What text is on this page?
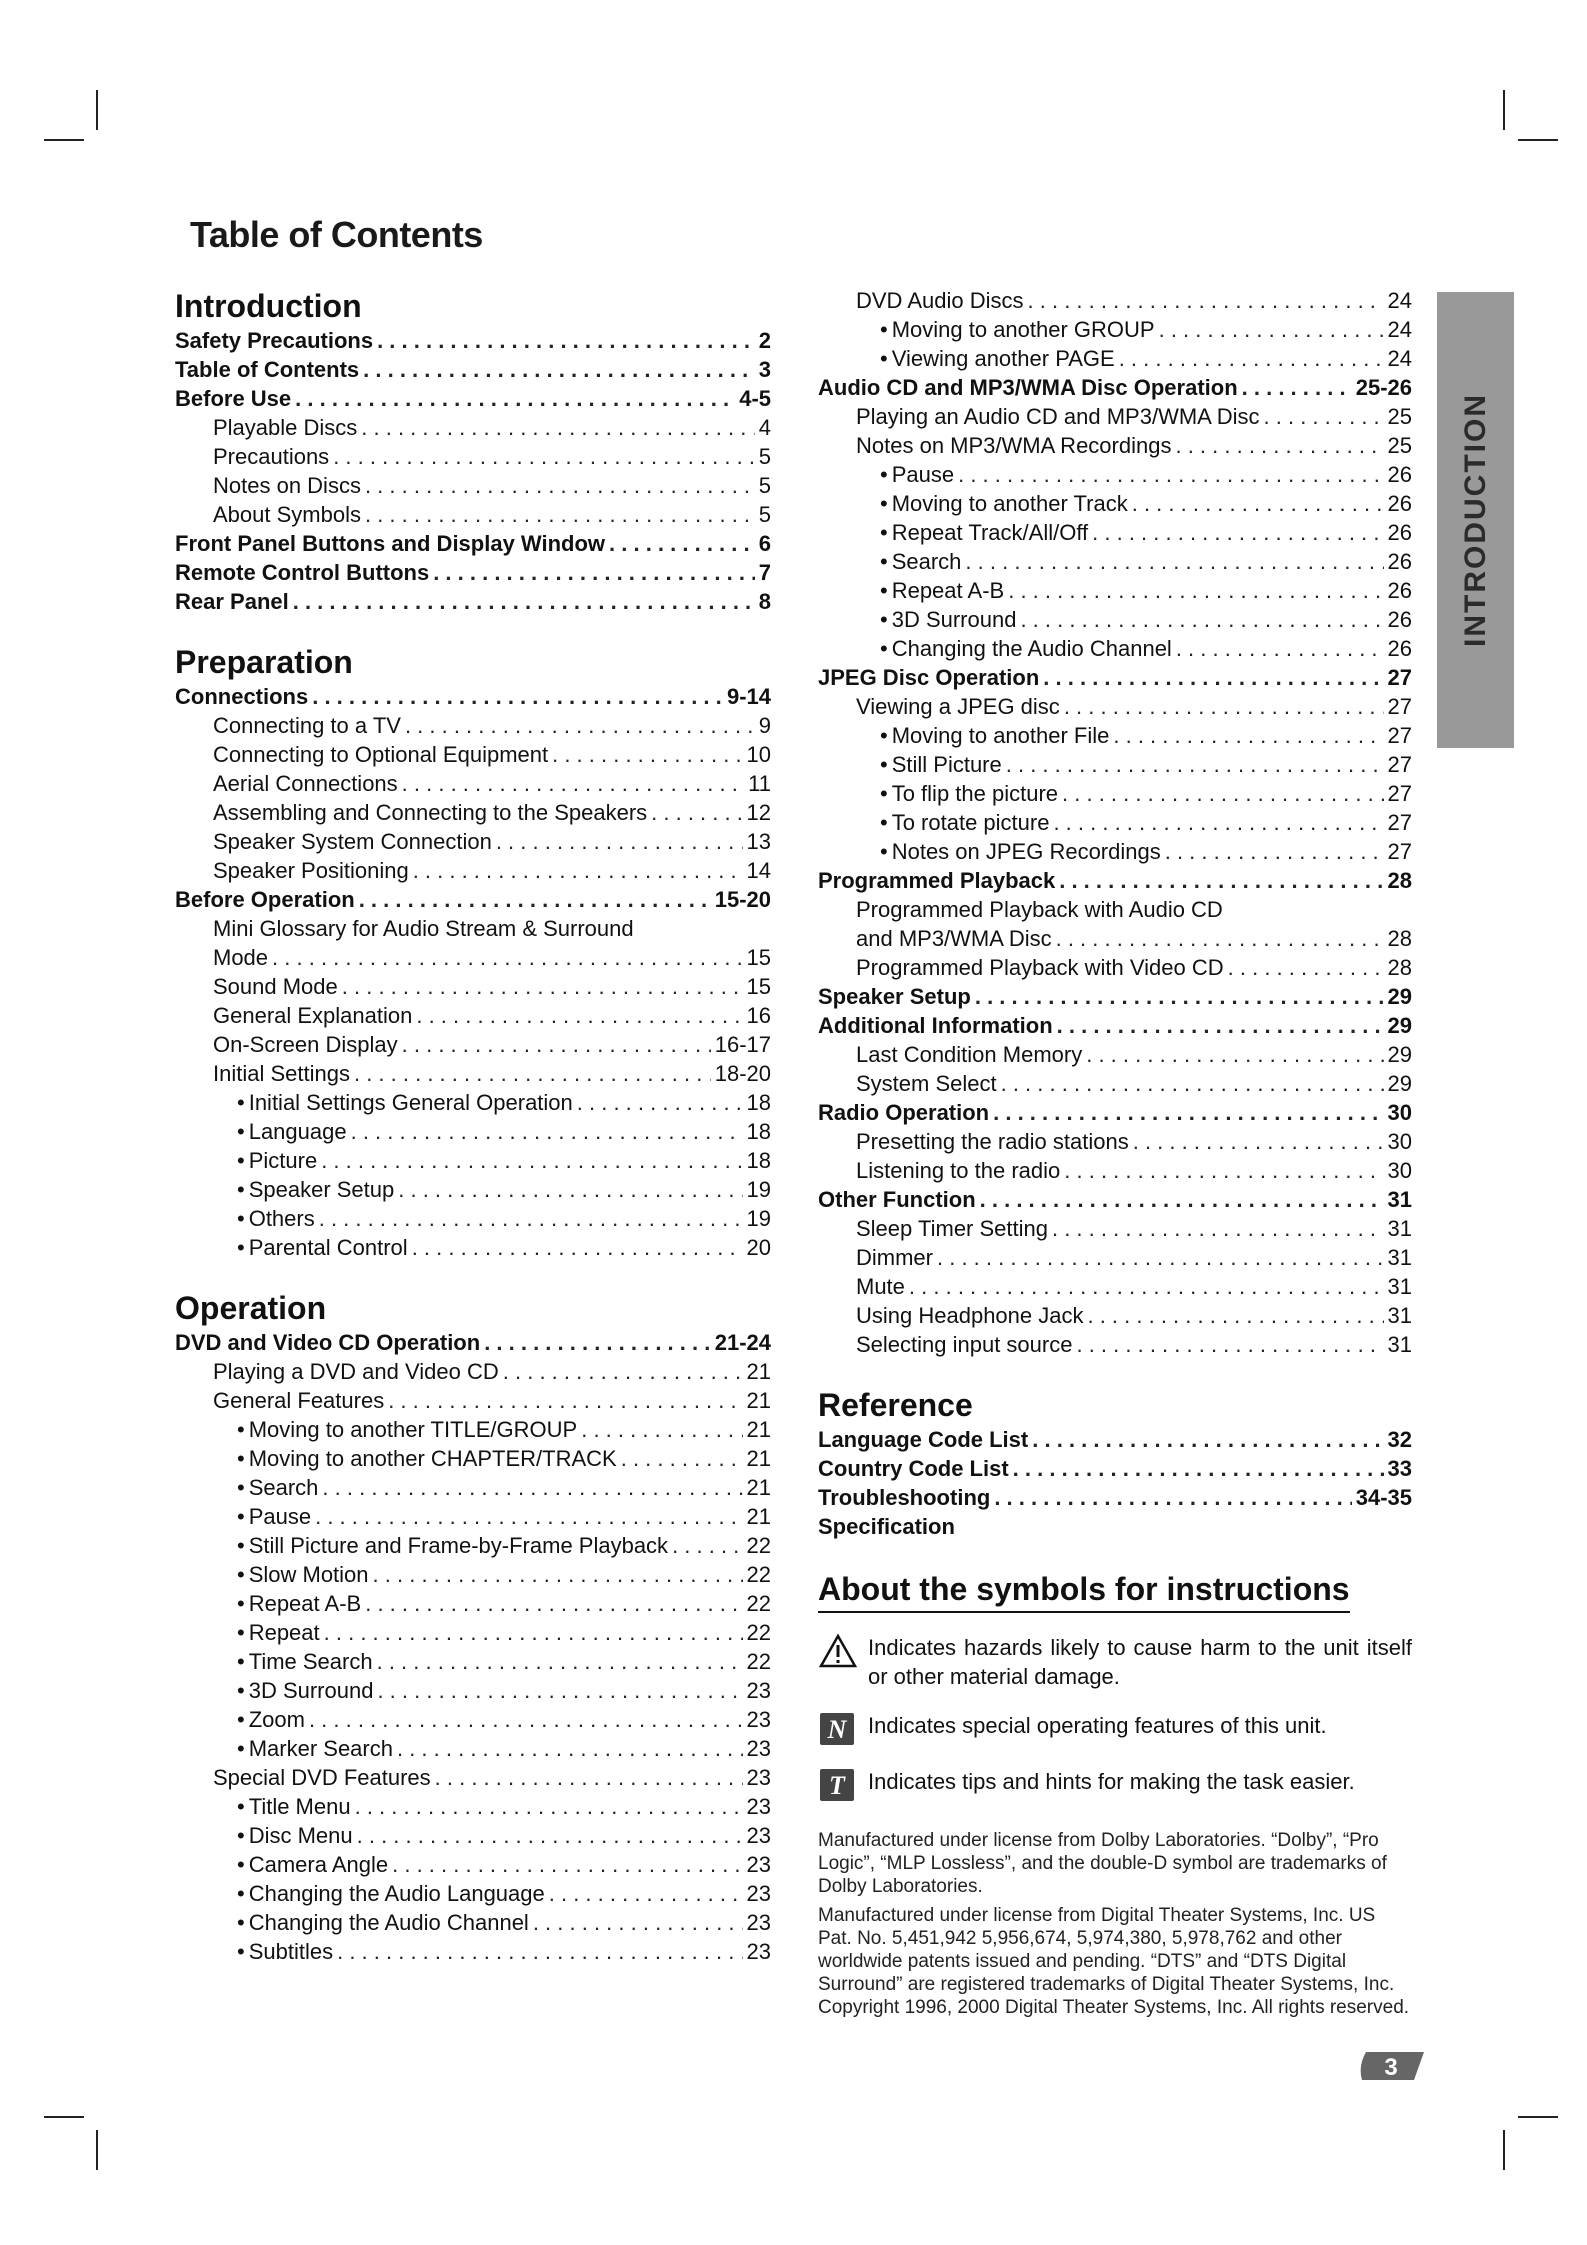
Table of Contents
INTRODUCTION
Introduction
Safety Precautions . . .	2
Table of Contents . . .	3
Before Use . . .	4-5
Playable Discs . . .	4
Precautions . . .	5
Notes on Discs . . .	5
About Symbols . . .	5
Front Panel Buttons and Display Window . . .	6
Remote Control Buttons . . .	7
Rear Panel . . .	8
Preparation
Connections . . .	9-14
Connecting to a TV . . .	9
Connecting to Optional Equipment . . .	10
Aerial Connections . . .	11
Assembling and Connecting to the Speakers . . .	12
Speaker System Connection . . .	13
Speaker Positioning . . .	14
Before Operation . . .	15-20
Mini Glossary for Audio Stream & Surround
Mode . . .	15
Sound Mode . . .	15
General Explanation . . .	16
On-Screen Display . . .	16-17
Initial Settings . . .	18-20
• Initial Settings General Operation . . .	18
• Language . . .	18
• Picture . . .	18
• Speaker Setup . . .	19
• Others . . .	19
• Parental Control . . .	20
Operation
DVD and Video CD Operation . . .	21-24
Playing a DVD and Video CD . . .	21
General Features . . .	21
• Moving to another TITLE/GROUP . . .	21
• Moving to another CHAPTER/TRACK . . .	21
• Search . . .	21
• Pause . . .	21
• Still Picture and Frame-by-Frame Playback . . .	22
• Slow Motion . . .	22
• Repeat A-B . . .	22
• Repeat . . .	22
• Time Search . . .	22
• 3D Surround . . .	23
• Zoom . . .	23
• Marker Search . . .	23
Special DVD Features . . .	23
• Title Menu . . .	23
• Disc Menu . . .	23
• Camera Angle . . .	23
• Changing the Audio Language . . .	23
• Changing the Audio Channel . . .	23
• Subtitles . . .	23
DVD Audio Discs . . .	24
• Moving to another GROUP . . .	24
• Viewing another PAGE . . .	24
Audio CD and MP3/WMA Disc Operation . . .	25-26
Playing an Audio CD and MP3/WMA Disc . . .	25
Notes on MP3/WMA Recordings . . .	25
• Pause . . .	26
• Moving to another Track . . .	26
• Repeat Track/All/Off . . .	26
• Search . . .	26
• Repeat A-B . . .	26
• 3D Surround . . .	26
• Changing the Audio Channel . . .	26
JPEG Disc Operation . . .	27
Viewing a JPEG disc . . .	27
• Moving to another File . . .	27
• Still Picture . . .	27
• To flip the picture . . .	27
• To rotate picture . . .	27
• Notes on JPEG Recordings . . .	27
Programmed Playback . . .	28
Programmed Playback with Audio CD
and MP3/WMA Disc . . .	28
Programmed Playback with Video CD . . .	28
Speaker Setup . . .	29
Additional Information . . .	29
Last Condition Memory . . .	29
System Select . . .	29
Radio Operation . . .	30
Presetting the radio stations . . .	30
Listening to the radio . . .	30
Other Function . . .	31
Sleep Timer Setting . . .	31
Dimmer . . .	31
Mute . . .	31
Using Headphone Jack . . .	31
Selecting input source . . .	31
Reference
Language Code List . . .	32
Country Code List . . .	33
Troubleshooting . . .	34-35
Specification
About the symbols for instructions
Indicates hazards likely to cause harm to the unit itself or other material damage.
N Indicates special operating features of this unit.
T Indicates tips and hints for making the task easier.

Manufactured under license from Dolby Laboratories. “Dolby”, “Pro Logic”, “MLP Lossless”, and the double-D symbol are trademarks of Dolby Laboratories.

Manufactured under license from Digital Theater Systems, Inc. US Pat. No. 5,451,942 5,956,674, 5,974,380, 5,978,762 and other worldwide patents issued and pending. “DTS” and “DTS Digital Surround” are registered trademarks of Digital Theater Systems, Inc. Copyright 1996, 2000 Digital Theater Systems, Inc. All rights reserved.

3
